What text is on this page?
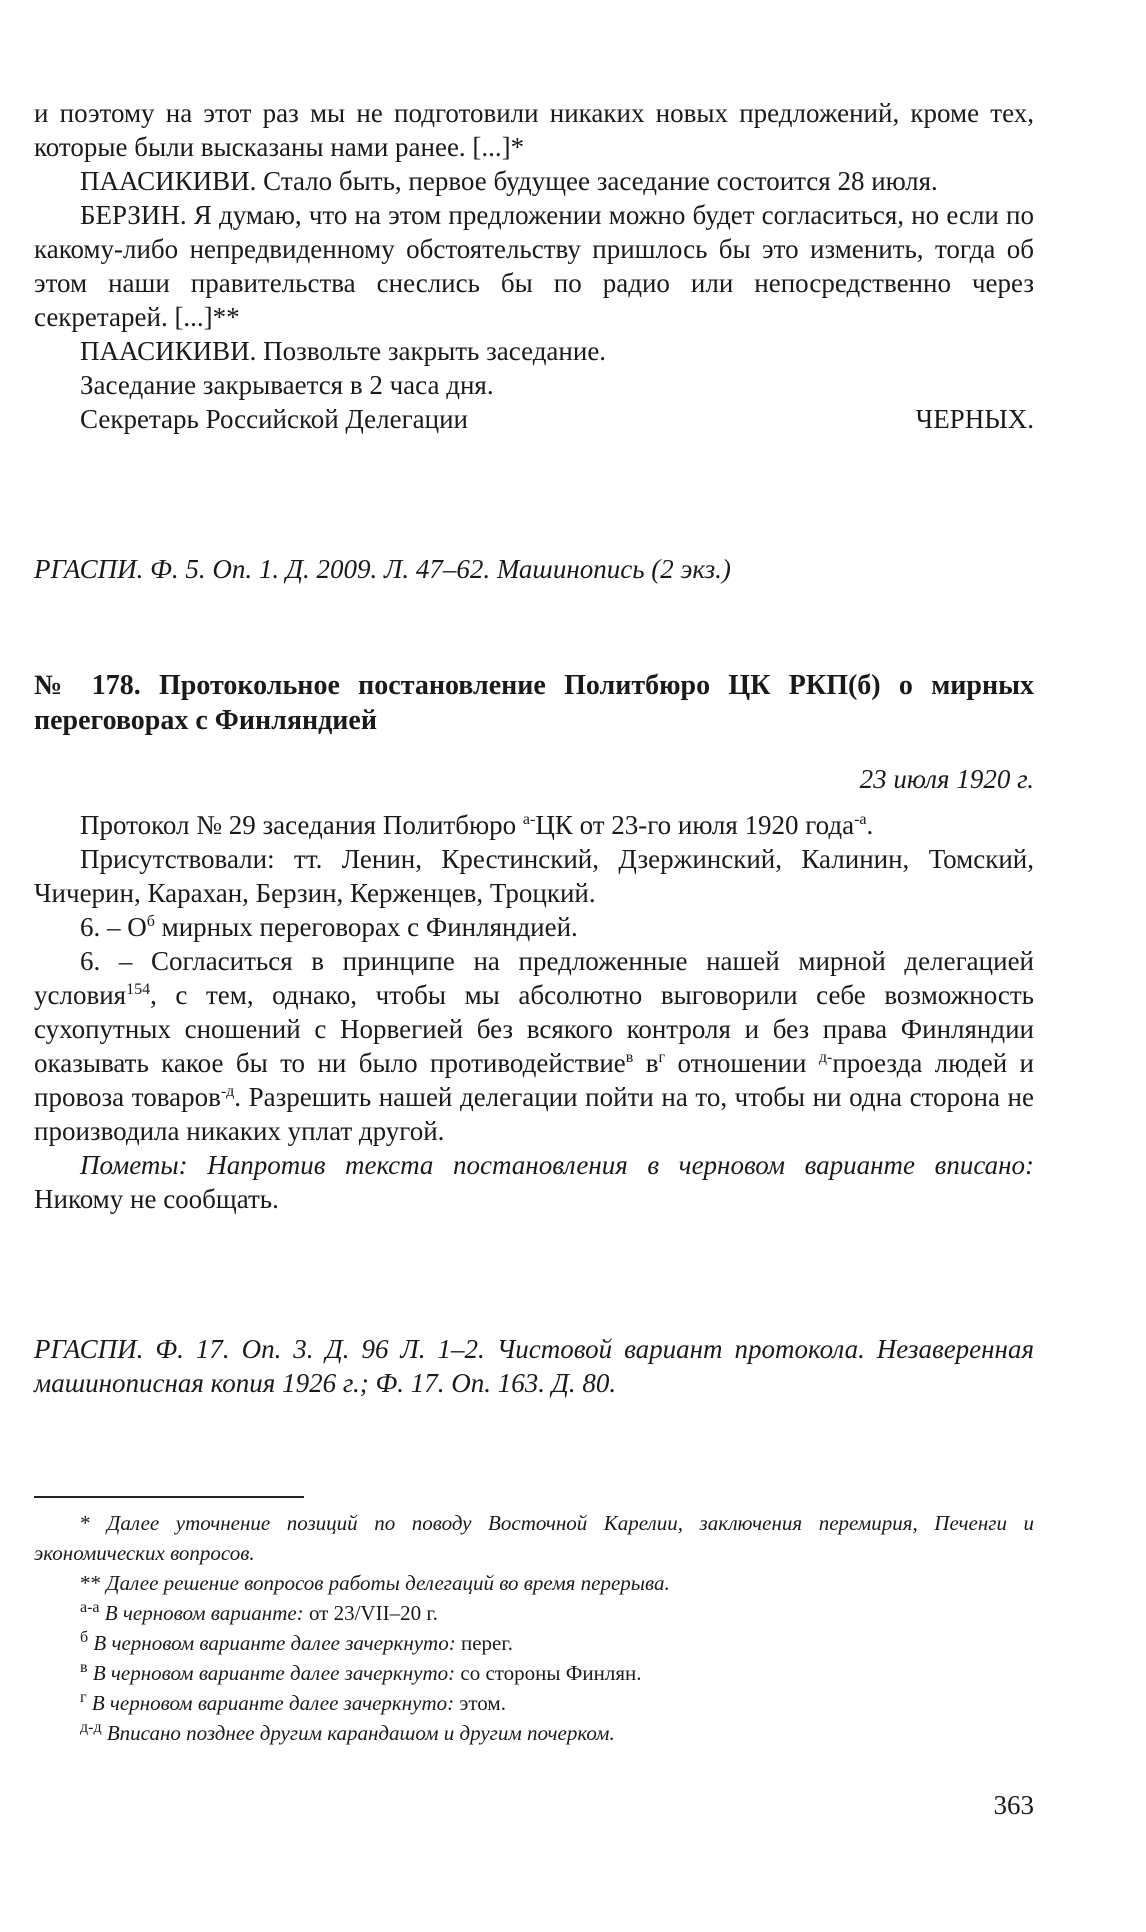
и поэтому на этот раз мы не подготовили никаких новых предложений, кроме тех, которые были высказаны нами ранее. [...]*

ПААСИКИВИ. Стало быть, первое будущее заседание состоится 28 июля.

БЕРЗИН. Я думаю, что на этом предложении можно будет согласиться, но если по какому-либо непредвиденному обстоятельству пришлось бы это изменить, тогда об этом наши правительства снеслись бы по радио или непосредственно через секретарей. [...]**

ПААСИКИВИ. Позвольте закрыть заседание.

Заседание закрывается в 2 часа дня.

Секретарь Российской Делегации	ЧЕРНЫХ.

РГАСПИ. Ф. 5. Оп. 1. Д. 2009. Л. 47–62. Машинопись (2 экз.)

№ 178. Протокольное постановление Политбюро ЦК РКП(б) о мирных переговорах с Финляндией

23 июля 1920 г.

Протокол № 29 заседания Политбюро $^{а-}$ЦК от 23-го июля 1920 года$^{-а}$.

Присутствовали: тт. Ленин, Крестинский, Дзержинский, Калинин, Томский, Чичерин, Карахан, Берзин, Керженцев, Троцкий.

6. – $О^б$ мирных переговорах с Финляндией.

6. – Согласиться в принципе на предложенные нашей мирной делегацией условия$^{154}$, с тем, однако, чтобы мы абсолютно выговорили себе возможность сухопутных сношений с Норвегией без всякого контроля и без права Финляндии оказывать какое бы то ни было противодействие$^в$ $в^г$ отношении $^{д-}$проезда людей и провоза товаров$^{-д}$. Разрешить нашей делегации пойти на то, чтобы ни одна сторона не производила никаких уплат другой.

Пометы: Напротив текста постановления в черновом варианте вписано: Никому не сообщать.

РГАСПИ. Ф. 17. Оп. 3. Д. 96 Л. 1–2. Чистовой вариант протокола. Незаверенная машинописная копия 1926 г.; Ф. 17. Оп. 163. Д. 80.

* Далее уточнение позиций по поводу Восточной Карелии, заключения перемирия, Печенги и экономических вопросов.

** Далее решение вопросов работы делегаций во время перерыва.

$^{а-а}$ В черновом варианте: от 23/VII–20 г.

$^б$ В черновом варианте далее зачеркнуто: перег.

$^в$ В черновом варианте далее зачеркнуто: со стороны Финлян.

$^г$ В черновом варианте далее зачеркнуто: этом.

$^{д-д}$ Вписано позднее другим карандашом и другим почерком.

363
